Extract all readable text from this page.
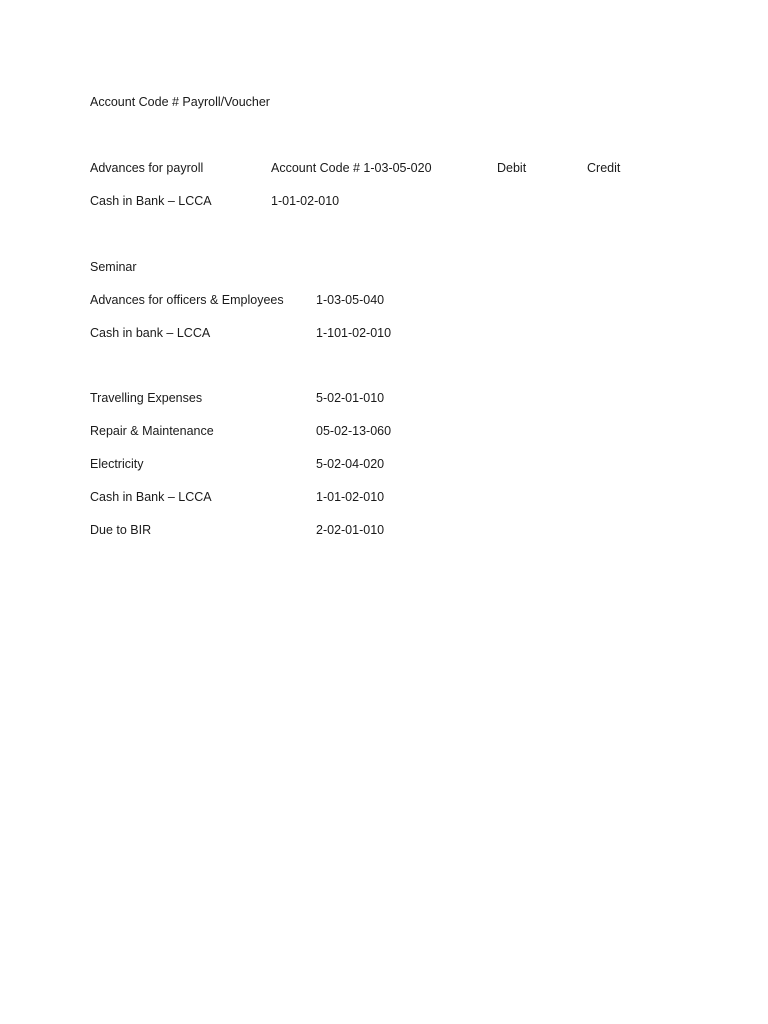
Account Code # Payroll/Voucher
Advances for payroll	Account Code # 1-03-05-020	Debit	Credit
Cash in Bank – LCCA	1-01-02-010
Seminar
Advances for officers & Employees	1-03-05-040
Cash in bank – LCCA	1-101-02-010
Travelling Expenses	5-02-01-010
Repair & Maintenance	05-02-13-060
Electricity	5-02-04-020
Cash in Bank – LCCA	1-01-02-010
Due to BIR	2-02-01-010
